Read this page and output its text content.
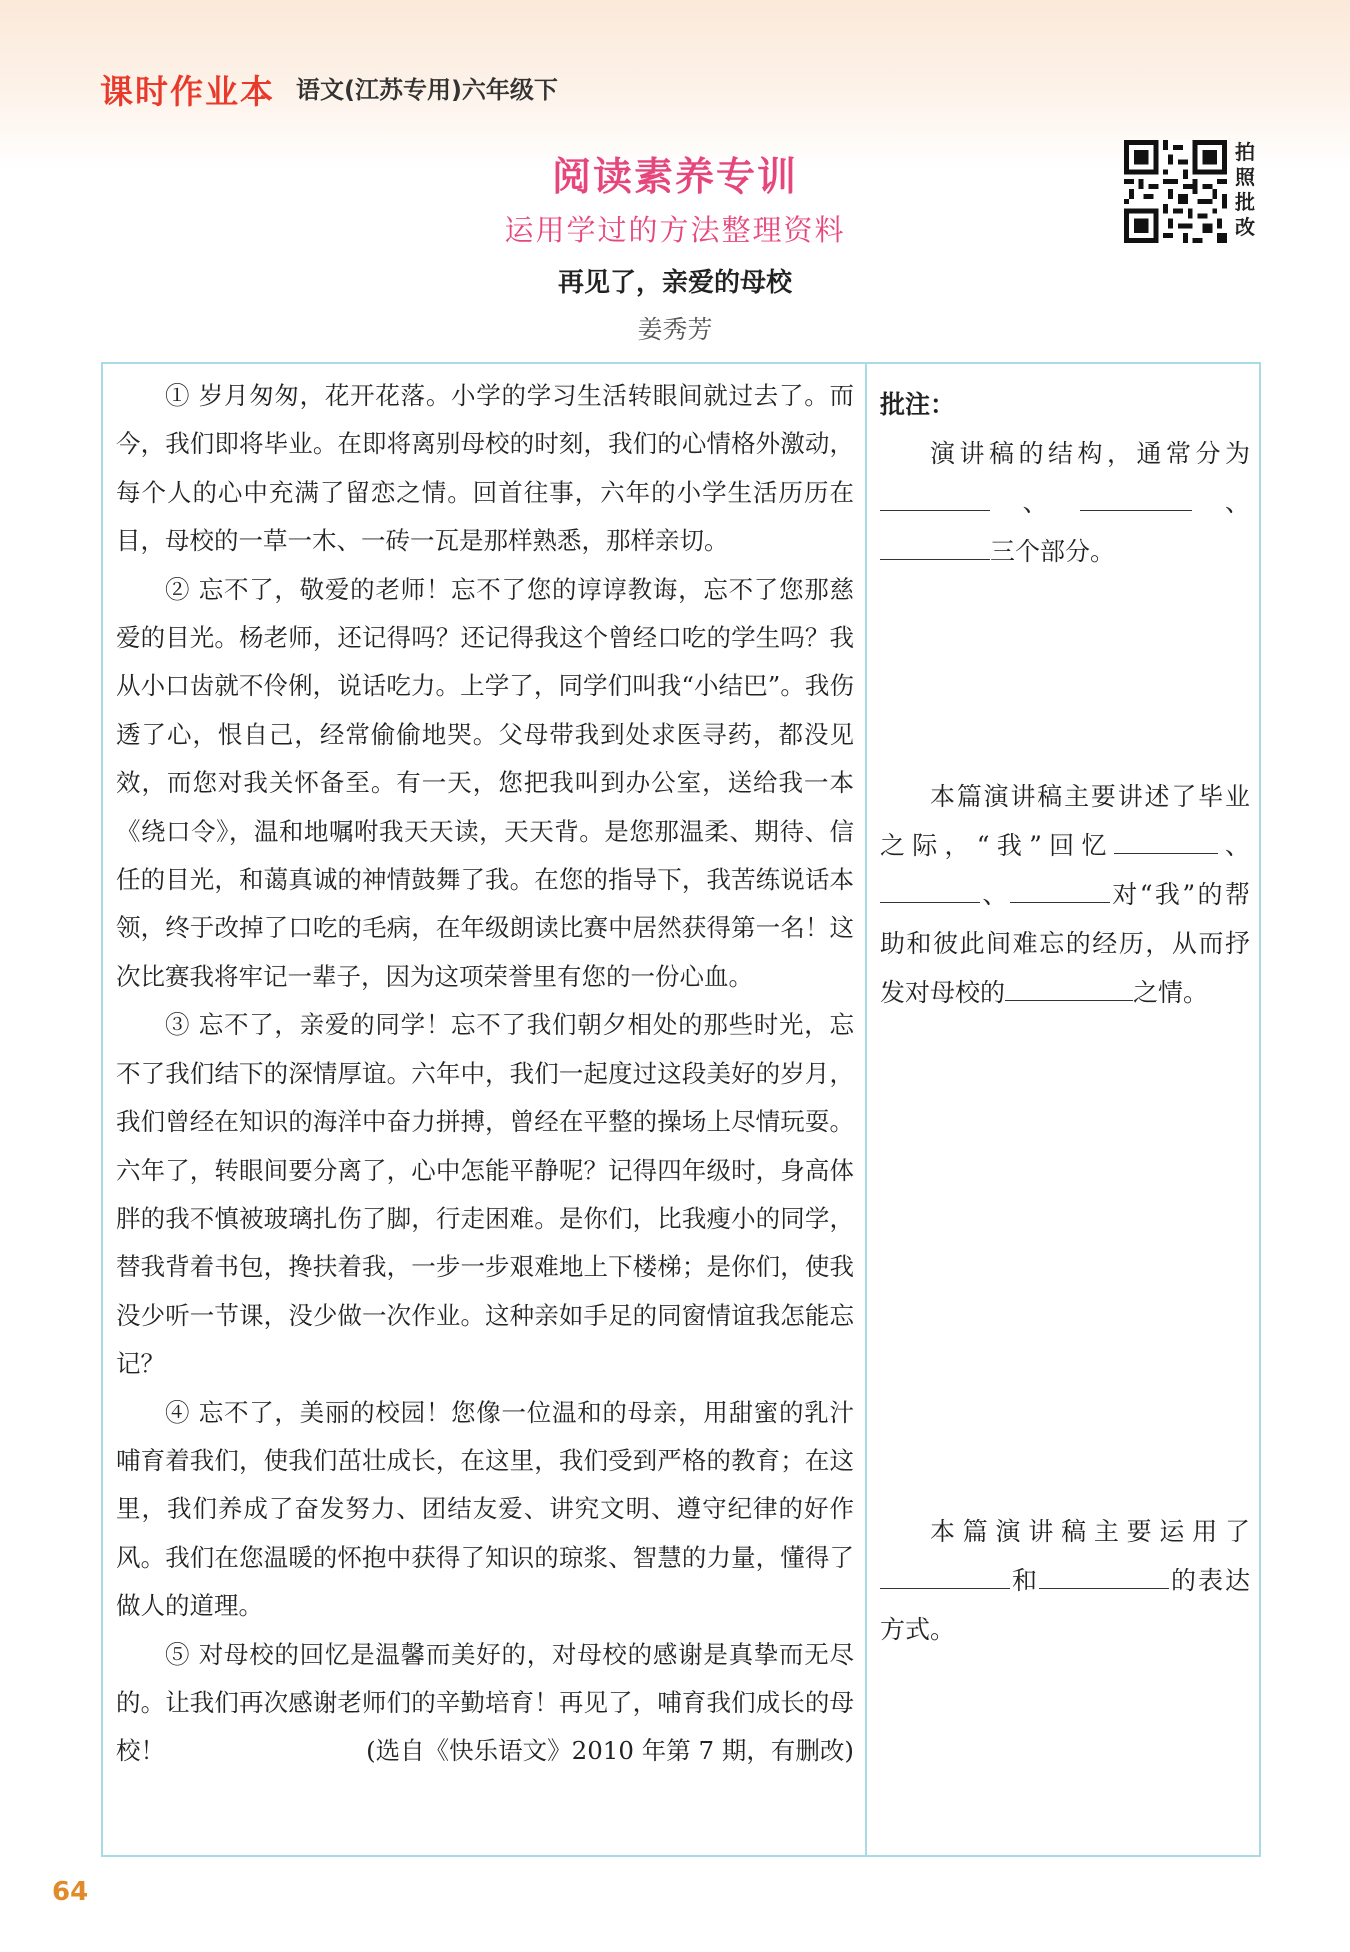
课时作业本 语文(江苏专用)六年级下
阅读素养专训
运用学过的方法整理资料
再见了，亲爱的母校
姜秀芳
拍
照
批
改

① 岁月匆匆，花开花落。小学的学习生活转眼间就过去了。而今，我们即将毕业。在即将离别母校的时刻，我们的心情格外激动，每个人的心中充满了留恋之情。回首往事，六年的小学生活历历在目，母校的一草一木、一砖一瓦是那样熟悉，那样亲切。

② 忘不了，敬爱的老师！忘不了您的谆谆教诲，忘不了您那慈爱的目光。杨老师，还记得吗？还记得我这个曾经口吃的学生吗？我从小口齿就不伶俐，说话吃力。上学了，同学们叫我“小结巴”。我伤透了心，恨自己，经常偷偷地哭。父母带我到处求医寻药，都没见效，而您对我关怀备至。有一天，您把我叫到办公室，送给我一本《绕口令》，温和地嘱咐我天天读，天天背。是您那温柔、期待、信任的目光，和蔼真诚的神情鼓舞了我。在您的指导下，我苦练说话本领，终于改掉了口吃的毛病，在年级朗读比赛中居然获得第一名！这次比赛我将牢记一辈子，因为这项荣誉里有您的一份心血。

③ 忘不了，亲爱的同学！忘不了我们朝夕相处的那些时光，忘不了我们结下的深情厚谊。六年中，我们一起度过这段美好的岁月，我们曾经在知识的海洋中奋力拼搏，曾经在平整的操场上尽情玩耍。六年了，转眼间要分离了，心中怎能平静呢？记得四年级时，身高体胖的我不慎被玻璃扎伤了脚，行走困难。是你们，比我瘦小的同学，替我背着书包，搀扶着我，一步一步艰难地上下楼梯；是你们，使我没少听一节课，没少做一次作业。这种亲如手足的同窗情谊我怎能忘记？

④ 忘不了，美丽的校园！您像一位温和的母亲，用甜蜜的乳汁哺育着我们，使我们茁壮成长，在这里，我们受到严格的教育；在这里，我们养成了奋发努力、团结友爱、讲究文明、遵守纪律的好作风。我们在您温暖的怀抱中获得了知识的琼浆、智慧的力量，懂得了做人的道理。

⑤ 对母校的回忆是温馨而美好的，对母校的感谢是真挚而无尽的。让我们再次感谢老师们的辛勤培育！再见了，哺育我们成长的母校！	(选自《快乐语文》2010 年第 7 期，有删改)

批注：
演讲稿的结构，通常分为、	、三个部分。
本篇演讲稿主要讲述了毕业之际，“我”回忆	、、	对“我”的帮助和彼此间难忘的经历，从而抒发对母校的	之情。
本篇演讲稿主要运用了和	的表达方式。
64
